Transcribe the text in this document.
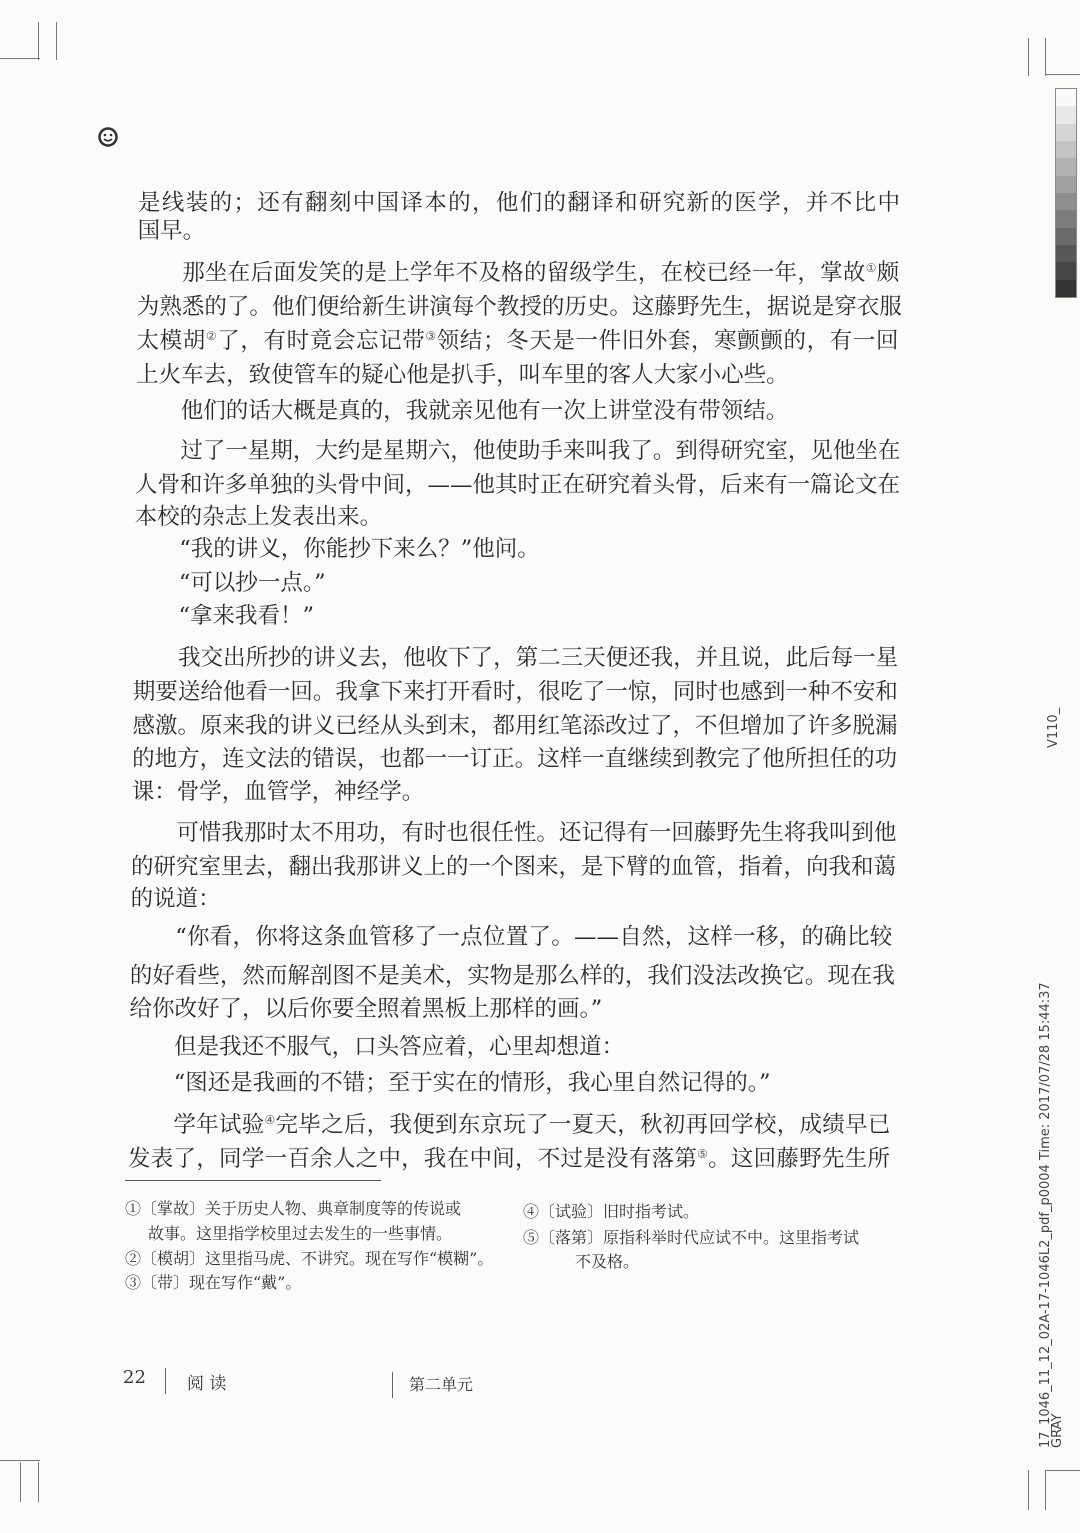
是线装的；还有翻刻中国译本的，他们的翻译和研究新的医学，并不比中
国早。
那坐在后面发笑的是上学年不及格的留级学生，在校已经一年，掌故①颇
为熟悉的了。他们便给新生讲演每个教授的历史。这藤野先生，据说是穿衣服
太模胡②了，有时竟会忘记带③领结；冬天是一件旧外套，寒颤颤的，有一回
上火车去，致使管车的疑心他是扒手，叫车里的客人大家小心些。
他们的话大概是真的，我就亲见他有一次上讲堂没有带领结。
过了一星期，大约是星期六，他使助手来叫我了。到得研究室，见他坐在
人骨和许多单独的头骨中间，——他其时正在研究着头骨，后来有一篇论文在
本校的杂志上发表出来。
“我的讲义，你能抄下来么？”他问。
“可以抄一点。”
“拿来我看！”
我交出所抄的讲义去，他收下了，第二三天便还我，并且说，此后每一星
期要送给他看一回。我拿下来打开看时，很吃了一惊，同时也感到一种不安和
感激。原来我的讲义已经从头到末，都用红笔添改过了，不但增加了许多脱漏
的地方，连文法的错误，也都一一订正。这样一直继续到教完了他所担任的功
课：骨学，血管学，神经学。
可惜我那时太不用功，有时也很任性。还记得有一回藤野先生将我叫到他
的研究室里去，翻出我那讲义上的一个图来，是下臂的血管，指着，向我和蔼
的说道：
“你看，你将这条血管移了一点位置了。——自然，这样一移，的确比较
的好看些，然而解剖图不是美术，实物是那么样的，我们没法改换它。现在我
给你改好了，以后你要全照着黑板上那样的画。”
但是我还不服气，口头答应着，心里却想道：
“图还是我画的不错；至于实在的情形，我心里自然记得的。”
学年试验④完毕之后，我便到东京玩了一夏天，秋初再回学校，成绩早已
发表了，同学一百余人之中，我在中间，不过是没有落第⑤。这回藤野先生所
①〔掌故〕关于历史人物、典章制度等的传说或
故事。这里指学校里过去发生的一些事情。
②〔模胡〕这里指马虎、不讲究。现在写作“模糊”。
③〔带〕现在写作“戴”。
④〔试验〕旧时指考试。
⑤〔落第〕原指科举时代应试不中。这里指考试
不及格。
22 阅 读	第二单元
V110_
17_1046_11_12_02A-17-1046L2_pdf_p0004 Time: 2017/07/28 15:44:37
GRAY
